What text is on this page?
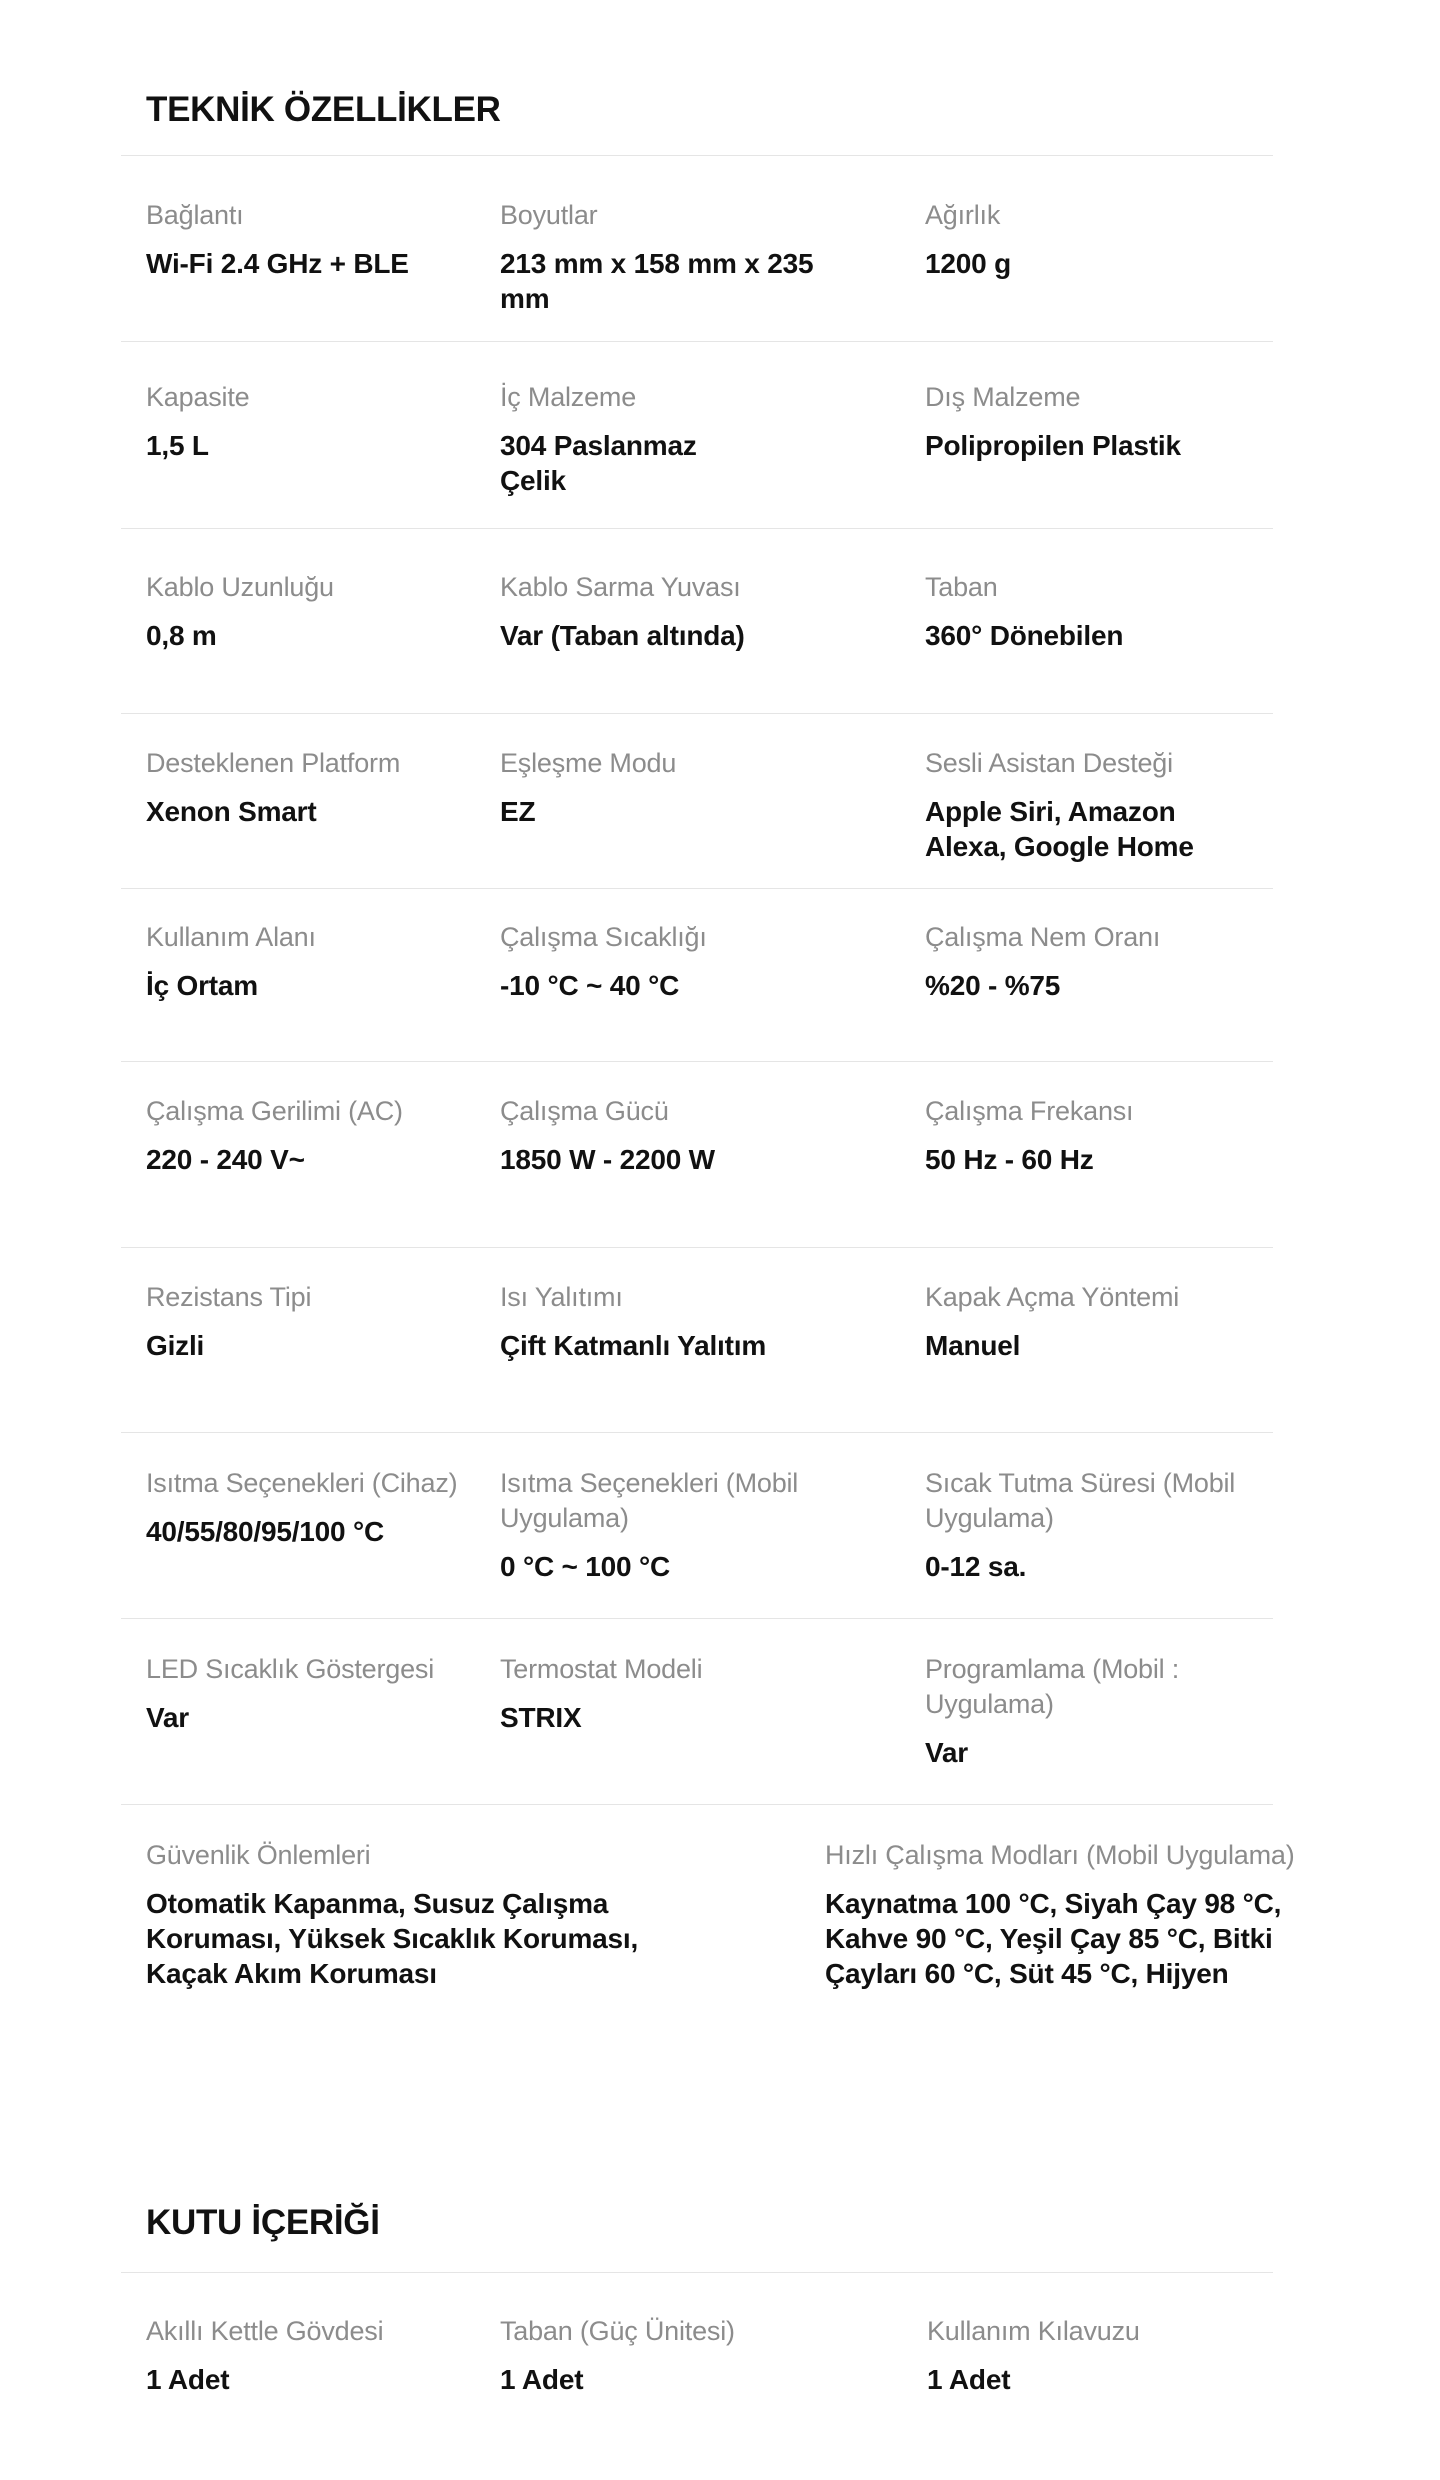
TEKNİK ÖZELLİKLER
Bağlantı
Wi-Fi 2.4 GHz + BLE
Boyutlar
213 mm x 158 mm x 235 mm
Ağırlık
1200 g
Kapasite
1,5 L
İç Malzeme
304 Paslanmaz Çelik
Dış Malzeme
Polipropilen Plastik
Kablo Uzunluğu
0,8 m
Kablo Sarma Yuvası
Var (Taban altında)
Taban
360° Dönebilen
Desteklenen Platform
Xenon Smart
Eşleşme Modu
EZ
Sesli Asistan Desteği
Apple Siri, Amazon Alexa, Google Home
Kullanım Alanı
İç Ortam
Çalışma Sıcaklığı
-10 °C ~ 40 °C
Çalışma Nem Oranı
%20 - %75
Çalışma Gerilimi (AC)
220 - 240 V~
Çalışma Gücü
1850 W - 2200 W
Çalışma Frekansı
50 Hz - 60 Hz
Rezistans Tipi
Gizli
Isı Yalıtımı
Çift Katmanlı Yalıtım
Kapak Açma Yöntemi
Manuel
Isıtma Seçenekleri (Cihaz)
40/55/80/95/100 °C
Isıtma Seçenekleri (Mobil Uygulama)
0 °C ~ 100 °C
Sıcak Tutma Süresi (Mobil Uygulama)
0-12 sa.
LED Sıcaklık Göstergesi
Var
Termostat Modeli
STRIX
Programlama (Mobil : Uygulama)
Var
Güvenlik Önlemleri
Otomatik Kapanma, Susuz Çalışma Koruması, Yüksek Sıcaklık Koruması, Kaçak Akım Koruması
Hızlı Çalışma Modları (Mobil Uygulama)
Kaynatma 100 °C, Siyah Çay 98 °C, Kahve 90 °C, Yeşil Çay 85 °C, Bitki Çayları 60 °C, Süt 45 °C, Hijyen
KUTU İÇERİĞİ
Akıllı Kettle Gövdesi
1 Adet
Taban (Güç Ünitesi)
1 Adet
Kullanım Kılavuzu
1 Adet
